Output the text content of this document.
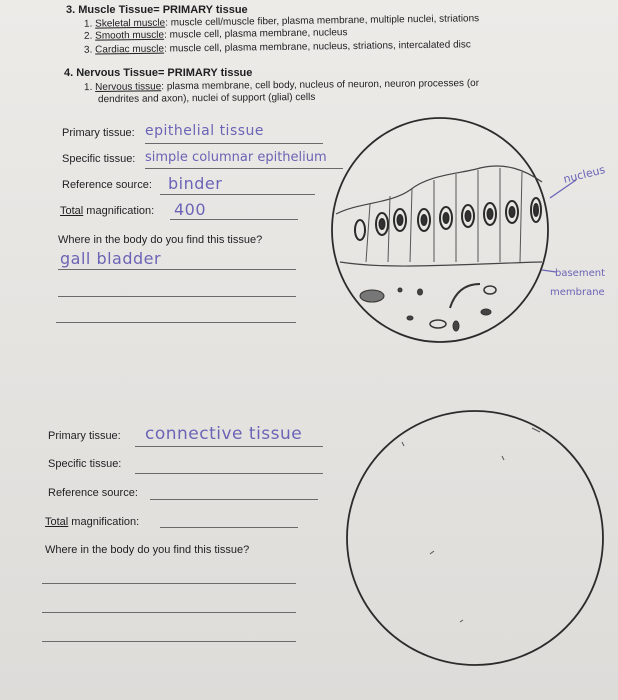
3. Muscle Tissue= PRIMARY tissue
1. Skeletal muscle: muscle cell/muscle fiber, plasma membrane, multiple nuclei, striations
2. Smooth muscle: muscle cell, plasma membrane, nucleus
3. Cardiac muscle: muscle cell, plasma membrane, nucleus, striations, intercalated disc
4. Nervous Tissue= PRIMARY tissue
1. Nervous tissue: plasma membrane, cell body, nucleus of neuron, neuron processes (or
dendrites and axon), nuclei of support (glial) cells
Primary tissue: epithelial tissue
Specific tissue: simple columnar epithelium
Reference source: binder
Total magnification: 400
Where in the body do you find this tissue?
gall bladder
nucleus
basement
membrane
Primary tissue: connective tissue
Specific tissue:
Reference source:
Total magnification:
Where in the body do you find this tissue?
